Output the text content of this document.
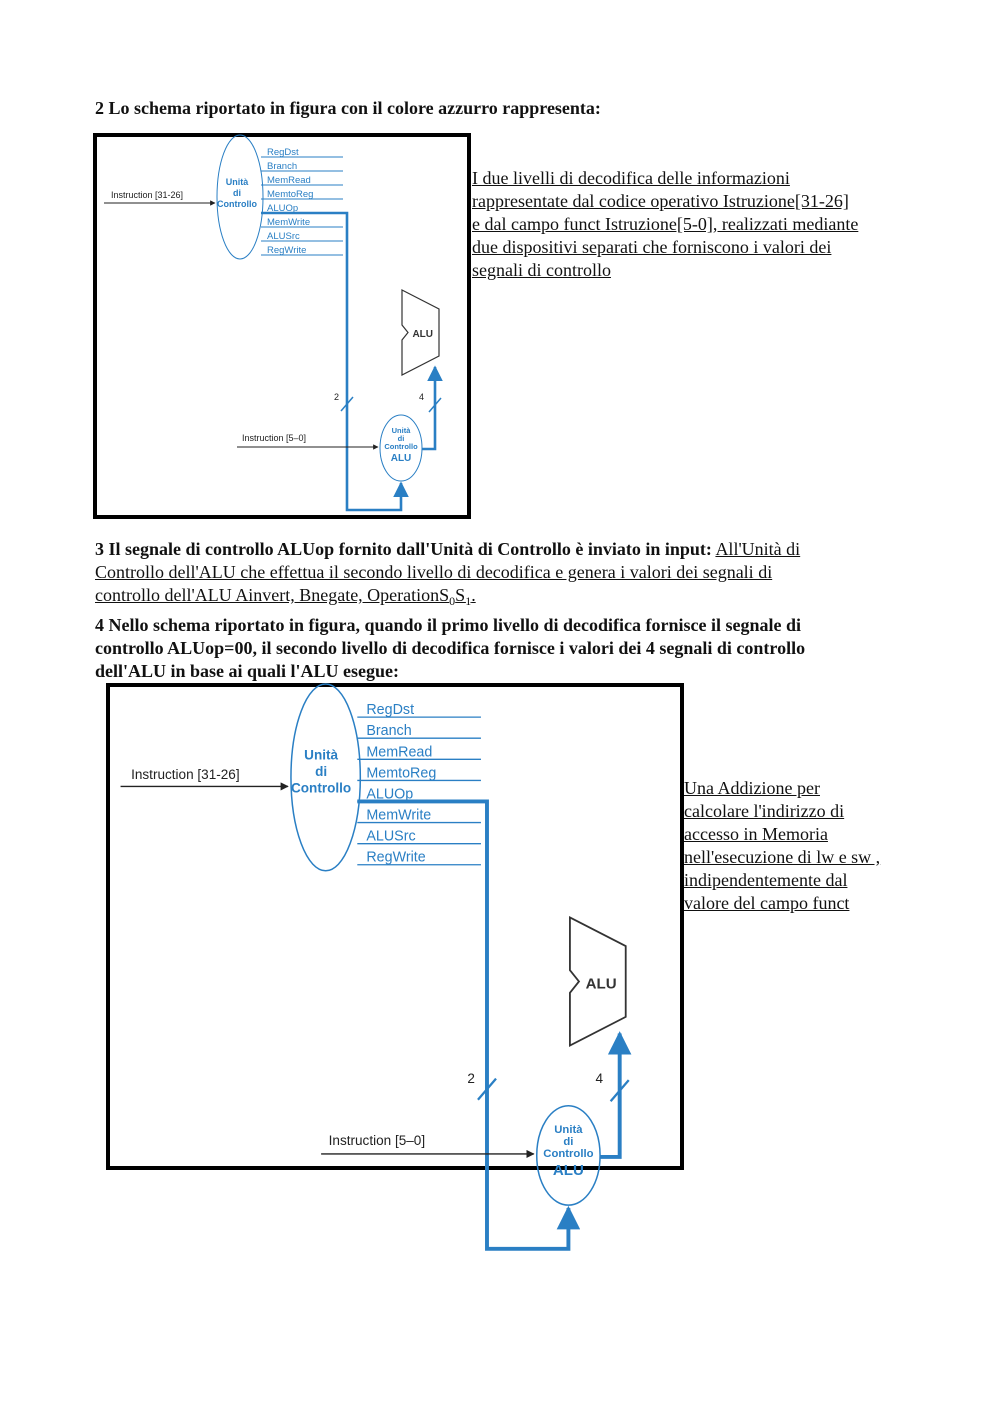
2 Lo schema riportato in figura con il colore azzurro rappresenta:

Unità
di
Controllo
RegDst
Branch
MemRead
MemtoReg
ALUOp
MemWrite
ALUSrc
RegWrite
Instruction [31-26]
2
ALU
Unità
di
Controllo
ALU
4
Instruction [5–0]
I due livelli di decodifica delle informazioni
rappresentate dal codice operativo Istruzione[31-26]
e dal campo funct Istruzione[5-0], realizzati mediante
due dispositivi separati che forniscono i valori dei
segnali di controllo
3 Il segnale di controllo ALUop fornito dall'Unità di Controllo è inviato in input: All'Unità di
Controllo dell'ALU che effettua il secondo livello di decodifica e genera i valori dei segnali di
controllo dell'ALU Ainvert, Bnegate, $OperationS_0S_1$.
4 Nello schema riportato in figura, quando il primo livello di decodifica fornisce il segnale di
controllo ALUop=00, il secondo livello di decodifica fornisce i valori dei 4 segnali di controllo
dell'ALU in base ai quali l'ALU esegue:
Unità
di
Controllo
RegDst
Branch
MemRead
MemtoReg
ALUOp
MemWrite
ALUSrc
RegWrite
Instruction [31-26]
2
ALU
Unità
di
Controllo
ALU
4
Instruction [5–0]
Una Addizione per
calcolare l'indirizzo di
accesso in Memoria
nell'esecuzione di lw e sw ,
indipendentemente dal
valore del campo funct
